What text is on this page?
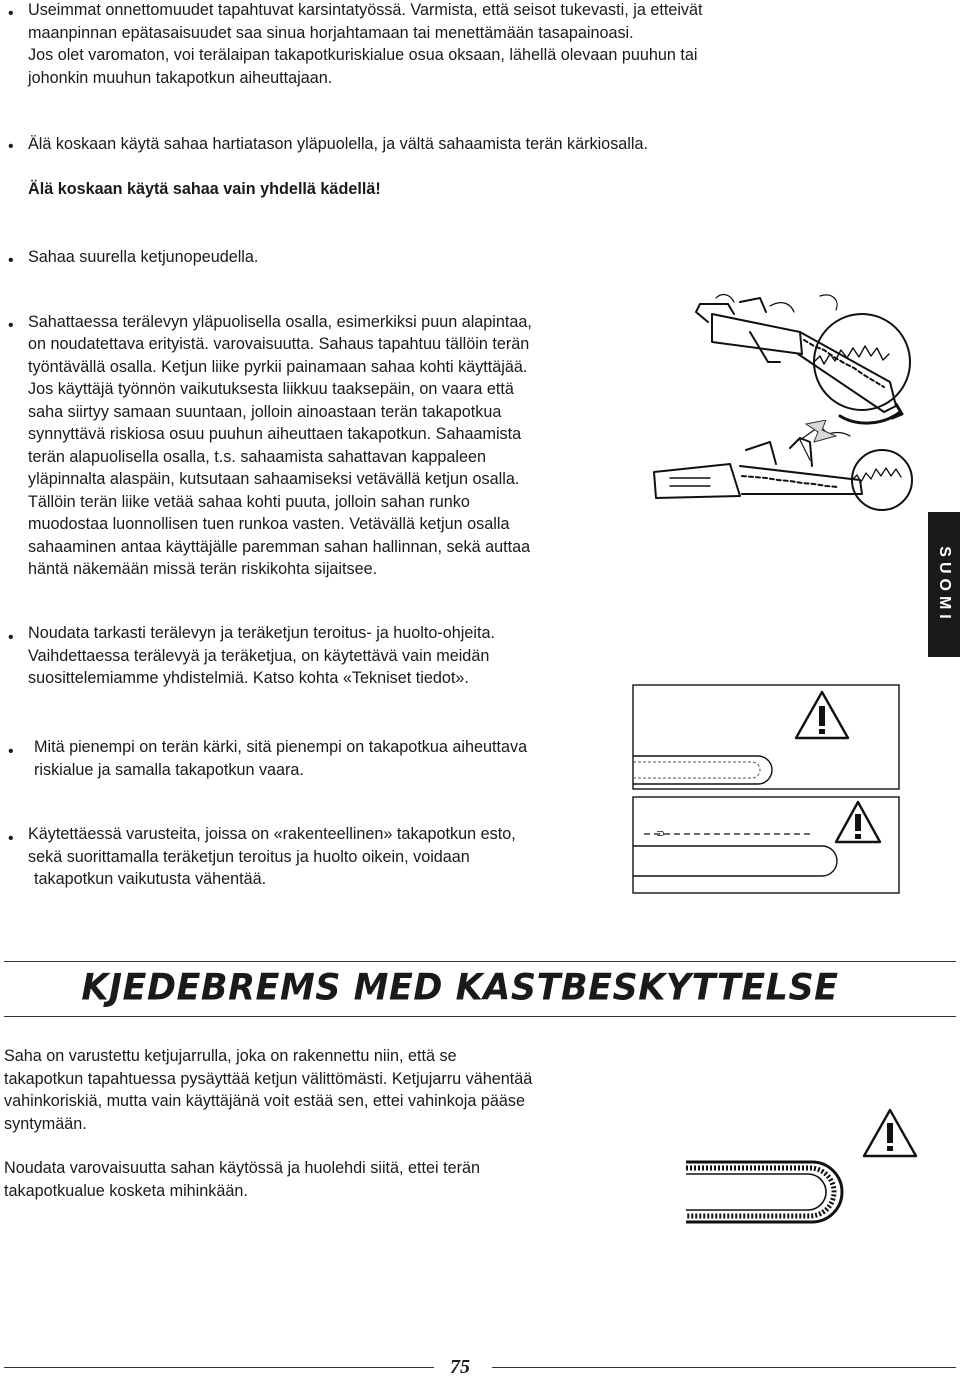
• Useimmat onnettomuudet tapahtuvat karsintatyössä. Varmista, että seisot tukevasti, ja etteivät

maanpinnan epätasaisuudet saa sinua horjahtamaan tai menettämään tasapainoasi.

Jos olet varomaton, voi terälaipan takapotkuriskialue osua oksaan, lähellä olevaan puuhun tai

johonkin muuhun takapotkun aiheuttajaan.

• Älä koskaan käytä sahaa hartiatason yläpuolella, ja vältä sahaamista terän kärkiosalla.

Älä koskaan käytä sahaa vain yhdellä kädellä!

• Sahaa suurella ketjunopeudella.

• Sahattaessa terälevyn yläpuolisella osalla, esimerkiksi puun alapintaa,

on noudatettava erityistä. varovaisuutta. Sahaus tapahtuu tällöin terän

työntävällä osalla. Ketjun liike pyrkii painamaan sahaa kohti käyttäjää.

Jos käyttäjä työnnön vaikutuksesta liikkuu taaksepäin, on vaara että

saha siirtyy samaan suuntaan, jolloin ainoastaan terän takapotkua

synnyttävä riskiosa osuu puuhun aiheuttaen takapotkun. Sahaamista

terän alapuolisella osalla, t.s. sahaamista sahattavan kappaleen

yläpinnalta alaspäin, kutsutaan sahaamiseksi vetävällä ketjun osalla.

Tällöin terän liike vetää sahaa kohti puuta, jolloin sahan runko

muodostaa luonnollisen tuen runkoa vasten. Vetävällä ketjun osalla

sahaaminen antaa käyttäjälle paremman sahan hallinnan, sekä auttaa

häntä näkemään missä terän riskikohta sijaitsee.	SUOMI
• Noudata tarkasti terälevyn ja teräketjun teroitus- ja huolto-ohjeita.

Vaihdettaessa terälevyä ja teräketjua, on käytettävä vain meidän

suosittelemiamme yhdistelmiä. Katso kohta «Tekniset tiedot».

• Mitä pienempi on terän kärki, sitä pienempi on takapotkua aiheuttava

riskialue ja samalla takapotkun vaara.

⊃
• Käytettäessä varusteita, joissa on «rakenteellinen» takapotkun esto,

sekä suorittamalla teräketjun teroitus ja huolto oikein, voidaan

takapotkun vaikutusta vähentää.

KJEDEBREMS MED KASTBESKYTTELSE

Saha on varustettu ketjujarrulla, joka on rakennettu niin, että se

takapotkun tapahtuessa pysäyttää ketjun välittömästi. Ketjujarru vähentää

vahinkoriskiä, mutta vain käyttäjänä voit estää sen, ettei vahinkoja pääse

syntymään.

Noudata varovaisuutta sahan käytössä ja huolehdi siitä, ettei terän

takapotkualue kosketa mihinkään.

75
